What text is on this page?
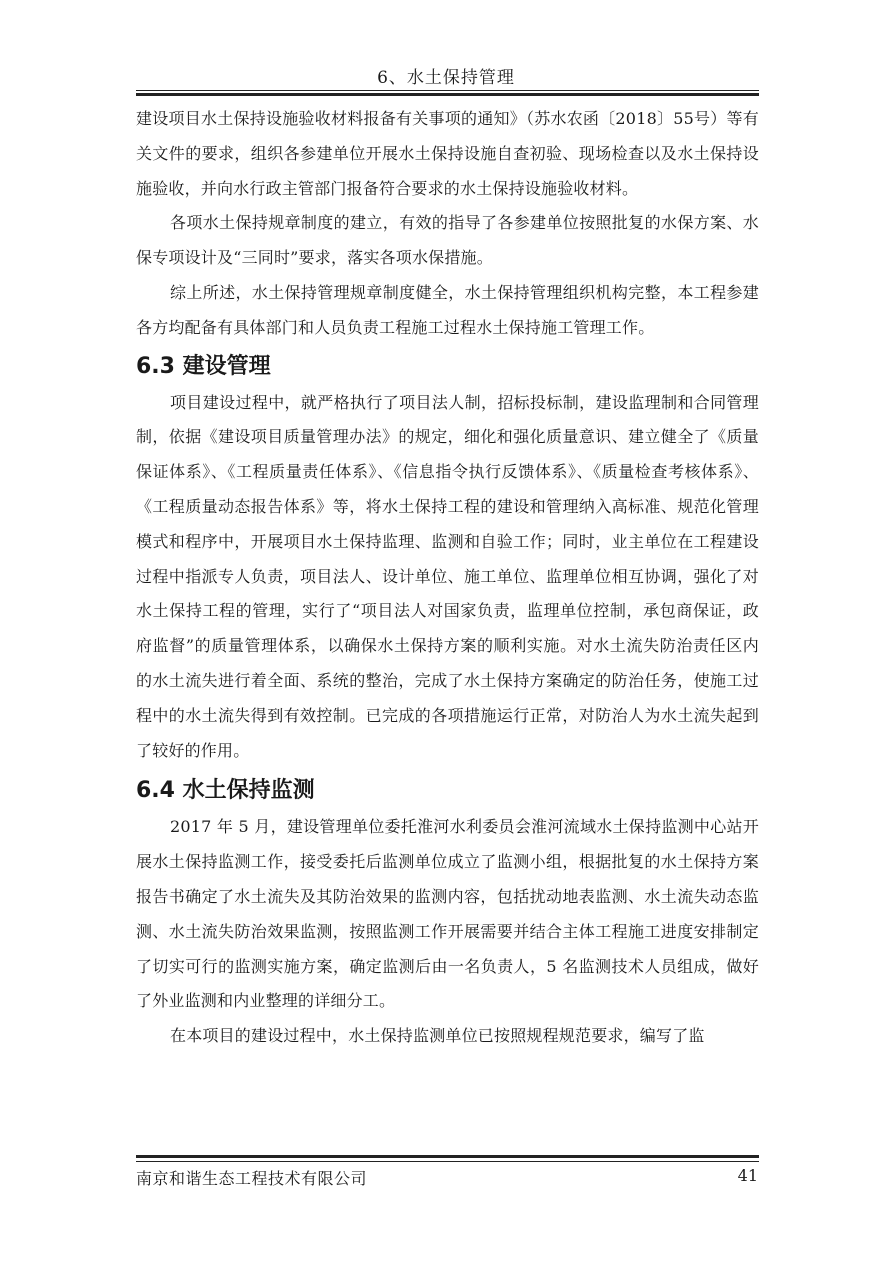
6、水土保持管理

建设项目水土保持设施验收材料报备有关事项的通知》（苏水农函〔2018〕55号）等有关文件的要求，组织各参建单位开展水土保持设施自查初验、现场检查以及水土保持设施验收，并向水行政主管部门报备符合要求的水土保持设施验收材料。

各项水土保持规章制度的建立，有效的指导了各参建单位按照批复的水保方案、水保专项设计及“三同时”要求，落实各项水保措施。

综上所述，水土保持管理规章制度健全，水土保持管理组织机构完整，本工程参建各方均配备有具体部门和人员负责工程施工过程水土保持施工管理工作。

6.3 建设管理

项目建设过程中，就严格执行了项目法人制，招标投标制，建设监理制和合同管理制，依据《建设项目质量管理办法》的规定，细化和强化质量意识、建立健全了《质量保证体系》、《工程质量责任体系》、《信息指令执行反馈体系》、《质量检查考核体系》、《工程质量动态报告体系》等，将水土保持工程的建设和管理纳入高标准、规范化管理模式和程序中，开展项目水土保持监理、监测和自验工作；同时，业主单位在工程建设过程中指派专人负责，项目法人、设计单位、施工单位、监理单位相互协调，强化了对水土保持工程的管理，实行了“项目法人对国家负责，监理单位控制，承包商保证，政府监督”的质量管理体系，以确保水土保持方案的顺利实施。对水土流失防治责任区内的水土流失进行着全面、系统的整治，完成了水土保持方案确定的防治任务，使施工过程中的水土流失得到有效控制。已完成的各项措施运行正常，对防治人为水土流失起到了较好的作用。

6.4 水土保持监测

2017 年 5 月，建设管理单位委托淮河水利委员会淮河流域水土保持监测中心站开展水土保持监测工作，接受委托后监测单位成立了监测小组，根据批复的水土保持方案报告书确定了水土流失及其防治效果的监测内容，包括扰动地表监测、水土流失动态监测、水土流失防治效果监测，按照监测工作开展需要并结合主体工程施工进度安排制定了切实可行的监测实施方案，确定监测后由一名负责人，5 名监测技术人员组成，做好了外业监测和内业整理的详细分工。

在本项目的建设过程中，水土保持监测单位已按照规程规范要求，编写了监

南京和谐生态工程技术有限公司	41
